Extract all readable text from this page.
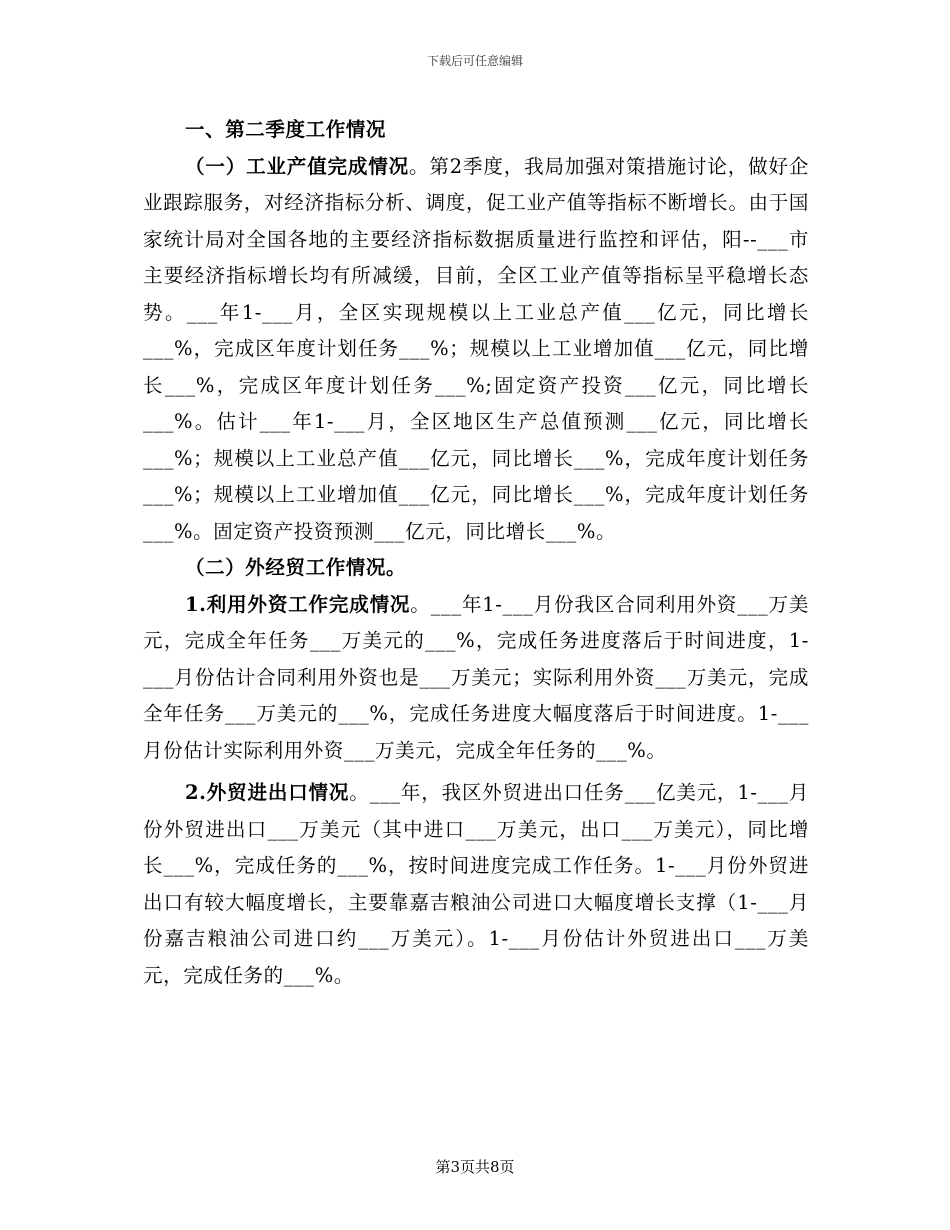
下载后可任意编辑

一、第二季度工作情况

（一）工业产值完成情况。第2季度，我局加强对策措施讨论，做好企业跟踪服务，对经济指标分析、调度，促工业产值等指标不断增长。由于国家统计局对全国各地的主要经济指标数据质量进行监控和评估，阳--___市主要经济指标增长均有所减缓，目前，全区工业产值等指标呈平稳增长态势。___年1-___月，全区实现规模以上工业总产值___亿元，同比增长___%，完成区年度计划任务___%；规模以上工业增加值___亿元，同比增长___%，完成区年度计划任务___%;固定资产投资___亿元，同比增长___%。估计___年1-___月，全区地区生产总值预测___亿元，同比增长___%；规模以上工业总产值___亿元，同比增长___%，完成年度计划任务___%；规模以上工业增加值___亿元，同比增长___%，完成年度计划任务___%。固定资产投资预测___亿元，同比增长___%。

（二）外经贸工作情况。

1.利用外资工作完成情况。___年1-___月份我区合同利用外资___万美元，完成全年任务___万美元的___%，完成任务进度落后于时间进度，1-___月份估计合同利用外资也是___万美元；实际利用外资___万美元，完成全年任务___万美元的___%，完成任务进度大幅度落后于时间进度。1-___月份估计实际利用外资___万美元，完成全年任务的___%。

2.外贸进出口情况。___年，我区外贸进出口任务___亿美元，1-___月份外贸进出口___万美元（其中进口___万美元，出口___万美元），同比增长___%，完成任务的___%，按时间进度完成工作任务。1-___月份外贸进出口有较大幅度增长，主要靠嘉吉粮油公司进口大幅度增长支撑（1-___月份嘉吉粮油公司进口约___万美元）。1-___月份估计外贸进出口___万美元，完成任务的___%。

第3页共8页
